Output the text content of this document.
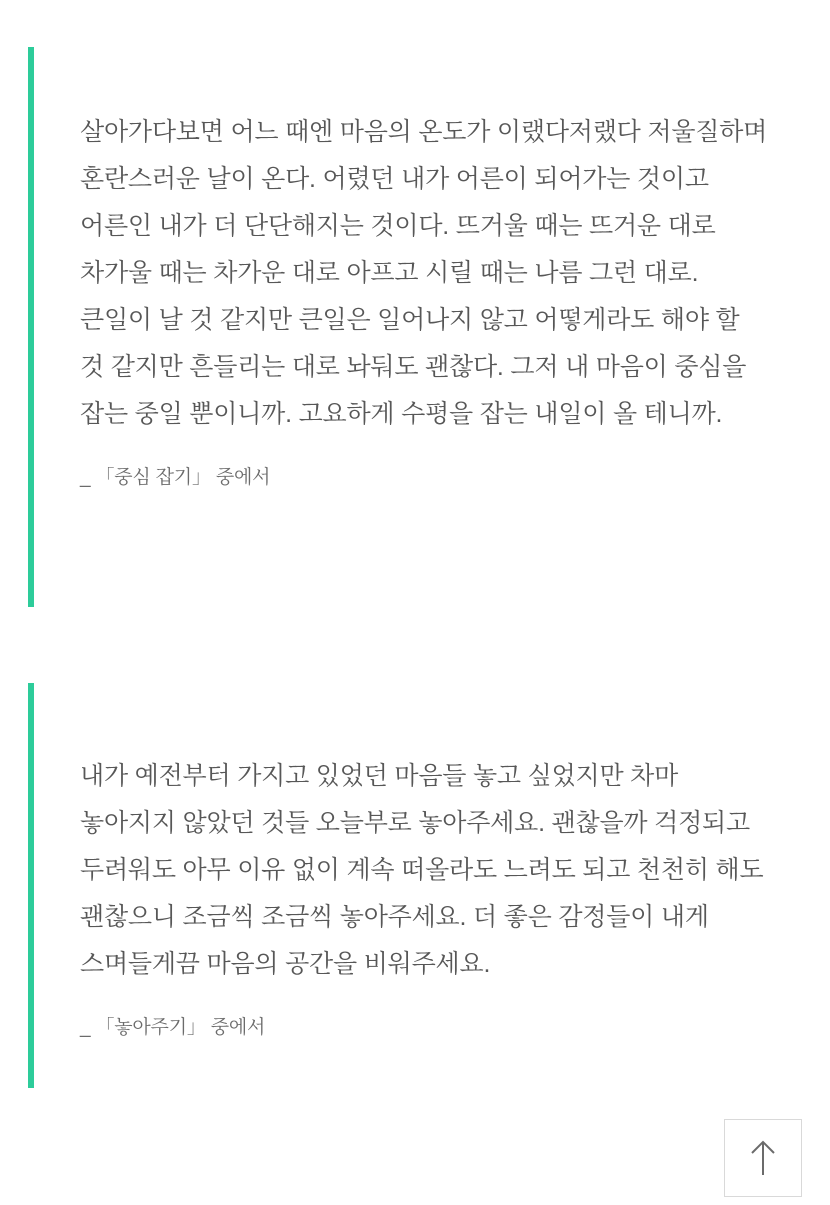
살아가다보면 어느 때엔 마음의 온도가 이랬다저랬다 저울질하며 혼란스러운 날이 온다. 어렸던 내가 어른이 되어가는 것이고 어른인 내가 더 단단해지는 것이다. 뜨거울 때는 뜨거운 대로 차가울 때는 차가운 대로 아프고 시릴 때는 나름 그런 대로. 큰일이 날 것 같지만 큰일은 일어나지 않고 어떻게라도 해야 할 것 같지만 흔들리는 대로 놔둬도 괜찮다. 그저 내 마음이 중심을 잡는 중일 뿐이니까. 고요하게 수평을 잡는 내일이 올 테니까.

_ 「중심 잡기」 중에서

내가 예전부터 가지고 있었던 마음들 놓고 싶었지만 차마 놓아지지 않았던 것들 오늘부로 놓아주세요. 괜찮을까 걱정되고 두려워도 아무 이유 없이 계속 떠올라도 느려도 되고 천천히 해도 괜찮으니 조금씩 조금씩 놓아주세요. 더 좋은 감정들이 내게 스며들게끔 마음의 공간을 비워주세요.

_ 「놓아주기」 중에서
